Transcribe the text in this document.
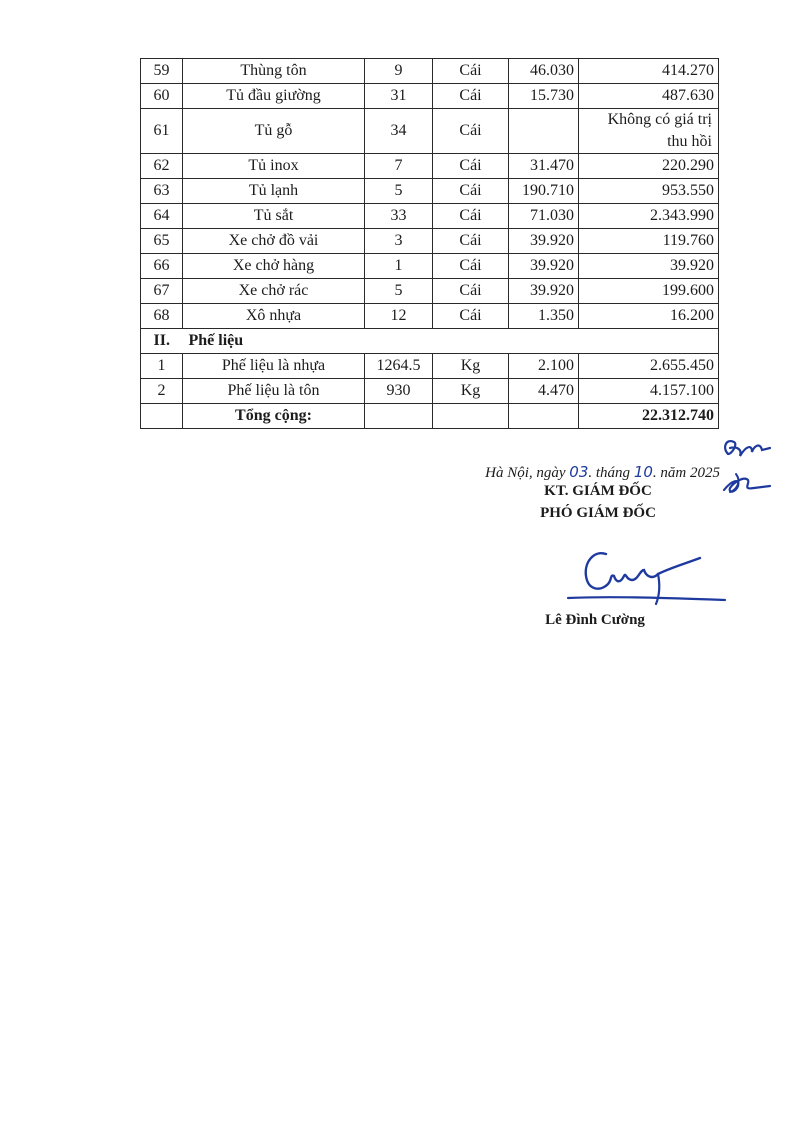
59	Thùng tôn	9	Cái	46.030	414.270
60	Tủ đầu giường	31	Cái	15.730	487.630
61	Tủ gỗ	34	Cái		Không có giá trị thu hồi
62	Tủ inox	7	Cái	31.470	220.290
63	Tủ lạnh	5	Cái	190.710	953.550
64	Tủ sắt	33	Cái	71.030	2.343.990
65	Xe chở đồ vải	3	Cái	39.920	119.760
66	Xe chở hàng	1	Cái	39.920	39.920
67	Xe chở rác	5	Cái	39.920	199.600
68	Xô nhựa	12	Cái	1.350	16.200
II.	Phế liệu				
1	Phế liệu là nhựa	1264.5	Kg	2.100	2.655.450
2	Phế liệu là tôn	930	Kg	4.470	4.157.100
	Tổng cộng:				22.312.740
Hà Nội, ngày 03. tháng 10. năm 2025
KT. GIÁM ĐỐC
PHÓ GIÁM ĐỐC
Lê Đình Cường
